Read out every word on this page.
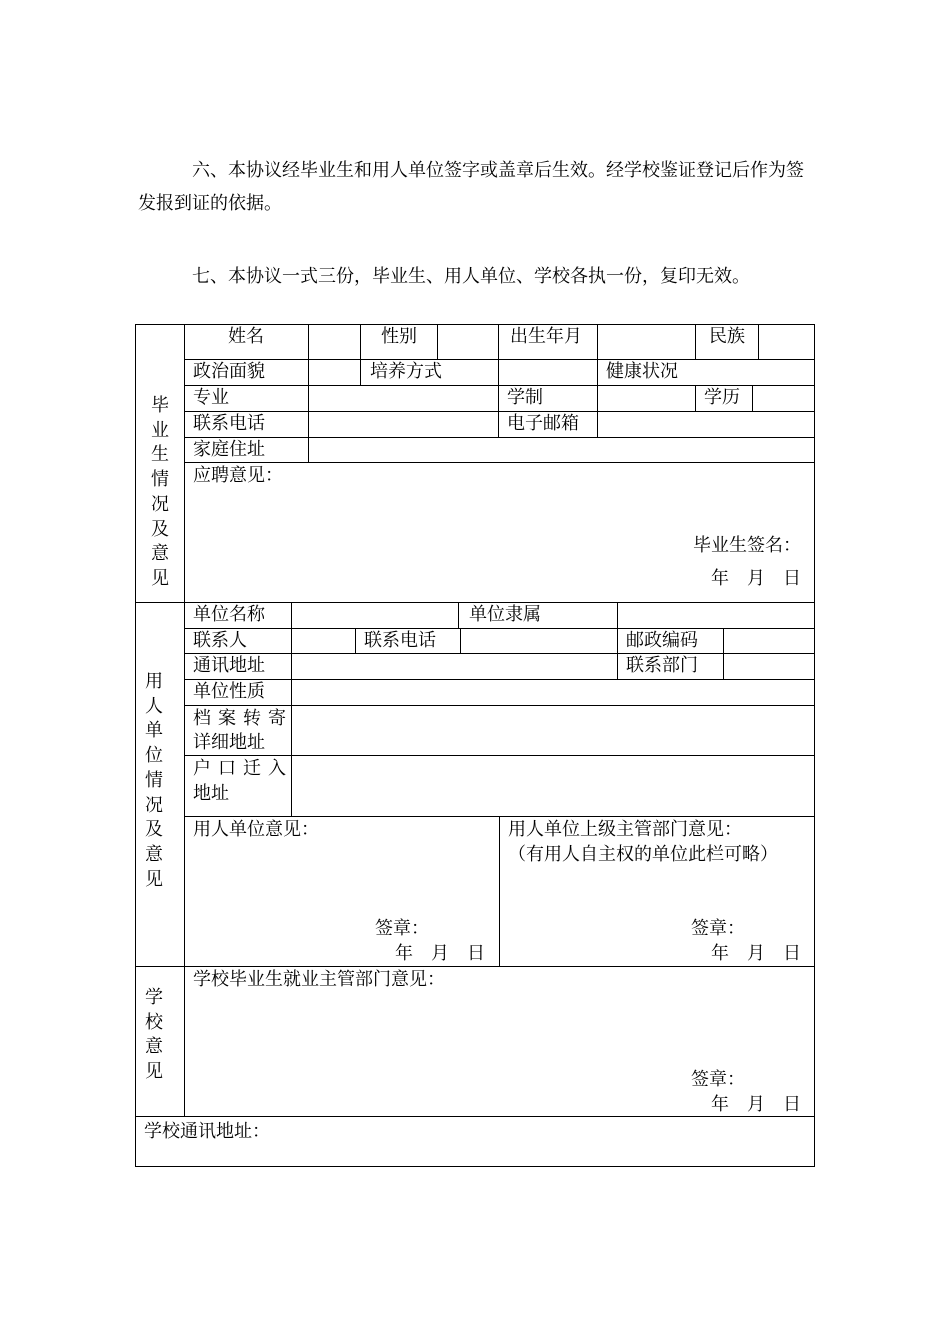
六、本协议经毕业生和用人单位签字或盖章后生效。经学校鉴证登记后作为签发报到证的依据。

七、本协议一式三份，毕业生、用人单位、学校各执一份，复印无效。

毕业生情况及意见
姓名	性别	出生年月	民族
政治面貌	培养方式	健康状况
专业	学制	学历
联系电话	电子邮箱
家庭住址
应聘意见：
毕业生签名：
年　月　日
用人单位情况及意见
单位名称	单位隶属
联系人	联系电话	邮政编码
通讯地址	联系部门
单位性质
档案转寄
详细地址
户口迁入
地址
用人单位意见：
签章：
年　月　日
用人单位上级主管部门意见：
（有用人自主权的单位此栏可略）
签章：
年　月　日
学校意见
学校毕业生就业主管部门意见：
签章：
年　月　日
学校通讯地址：
